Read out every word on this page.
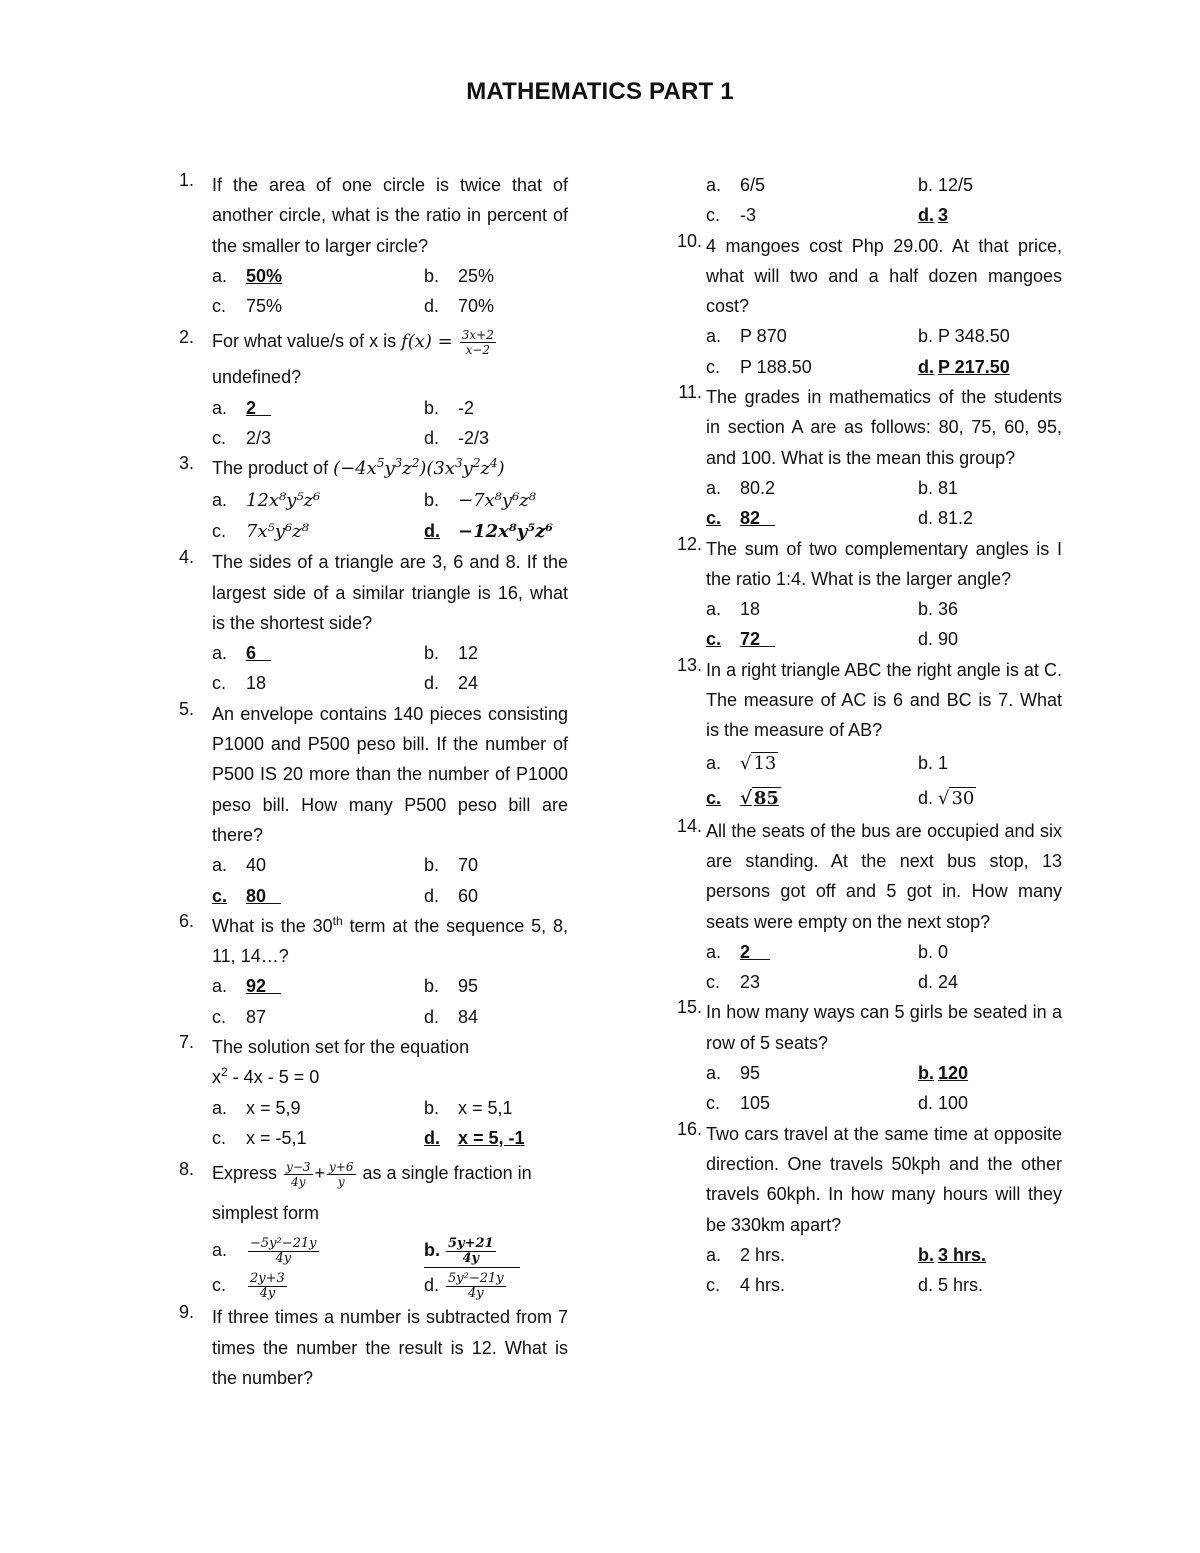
MATHEMATICS PART 1
1. If the area of one circle is twice that of another circle, what is the ratio in percent of the smaller to larger circle?
a. 50%	b. 25%
c. 75%	d. 70%
2. For what value/s of x is $f(x) = \frac{3x+2}{x-2}$
undefined?
a. 2	b. -2
c. 2/3	d. -2/3
3. The product of $(-4x^5y^3z^2)(3x^3y^2z^4)$
a. 12x⁸y⁵z⁶	b. −7x⁸y⁶z⁸
c. 7x⁵y⁶z⁸	d. −12x⁸y⁵z⁶
4. The sides of a triangle are 3, 6 and 8. If the largest side of a similar triangle is 16, what is the shortest side?
a. 6	b. 12
c. 18	d. 24
5. An envelope contains 140 pieces consisting P1000 and P500 peso bill. If the number of P500 IS 20 more than the number of P1000 peso bill. How many P500 peso bill are there?
a. 40	b. 70
c. 80	d. 60
6. What is the 30th term at the sequence 5, 8, 11, 14…?
a. 92	b. 95
c. 87	d. 84
7. The solution set for the equation
$x^2 - 4x - 5 = 0$
a. x = 5,9	b. x = 5,1
c. x = -5,1	d. x = 5, -1
8. Express $\frac{y-3}{4y} + \frac{y+6}{y}$ as a single fraction in simplest form
a. $\frac{\text{−5y²−21y}}{4y}$	b. $\frac{5y+21}{4y}$
c. $\frac{2y+3}{4y}$	d. $\frac{\text{5y²−21y}}{4y}$
9. If three times a number is subtracted from 7 times the number the result is 12. What is the number?
a. 6/5	b. 12/5
c. -3	d. 3
10. 4 mangoes cost Php 29.00. At that price, what will two and a half dozen mangoes cost?
a. P 870	b. P 348.50
c. P 188.50	d. P 217.50
11. The grades in mathematics of the students in section A are as follows: 80, 75, 60, 95, and 100. What is the mean this group?
a. 80.2	b. 81
c. 82	d. 81.2
12. The sum of two complementary angles is I the ratio 1:4. What is the larger angle?
a. 18	b. 36
c. 72	d. 90
13. In a right triangle ABC the right angle is at C. The measure of AC is 6 and BC is 7. What is the measure of AB?
a. √ 13	b. 1
c. √ 85	d. √ 30
14. All the seats of the bus are occupied and six are standing. At the next bus stop, 13 persons got off and 5 got in. How many seats were empty on the next stop?
a. 2	b. 0
c. 23	d. 24
15. In how many ways can 5 girls be seated in a row of 5 seats?
a. 95	b. 120
c. 105	d. 100
16. Two cars travel at the same time at opposite direction. One travels 50kph and the other travels 60kph. In how many hours will they be 330km apart?
a. 2 hrs.	b. 3 hrs.
c. 4 hrs.	d. 5 hrs.
